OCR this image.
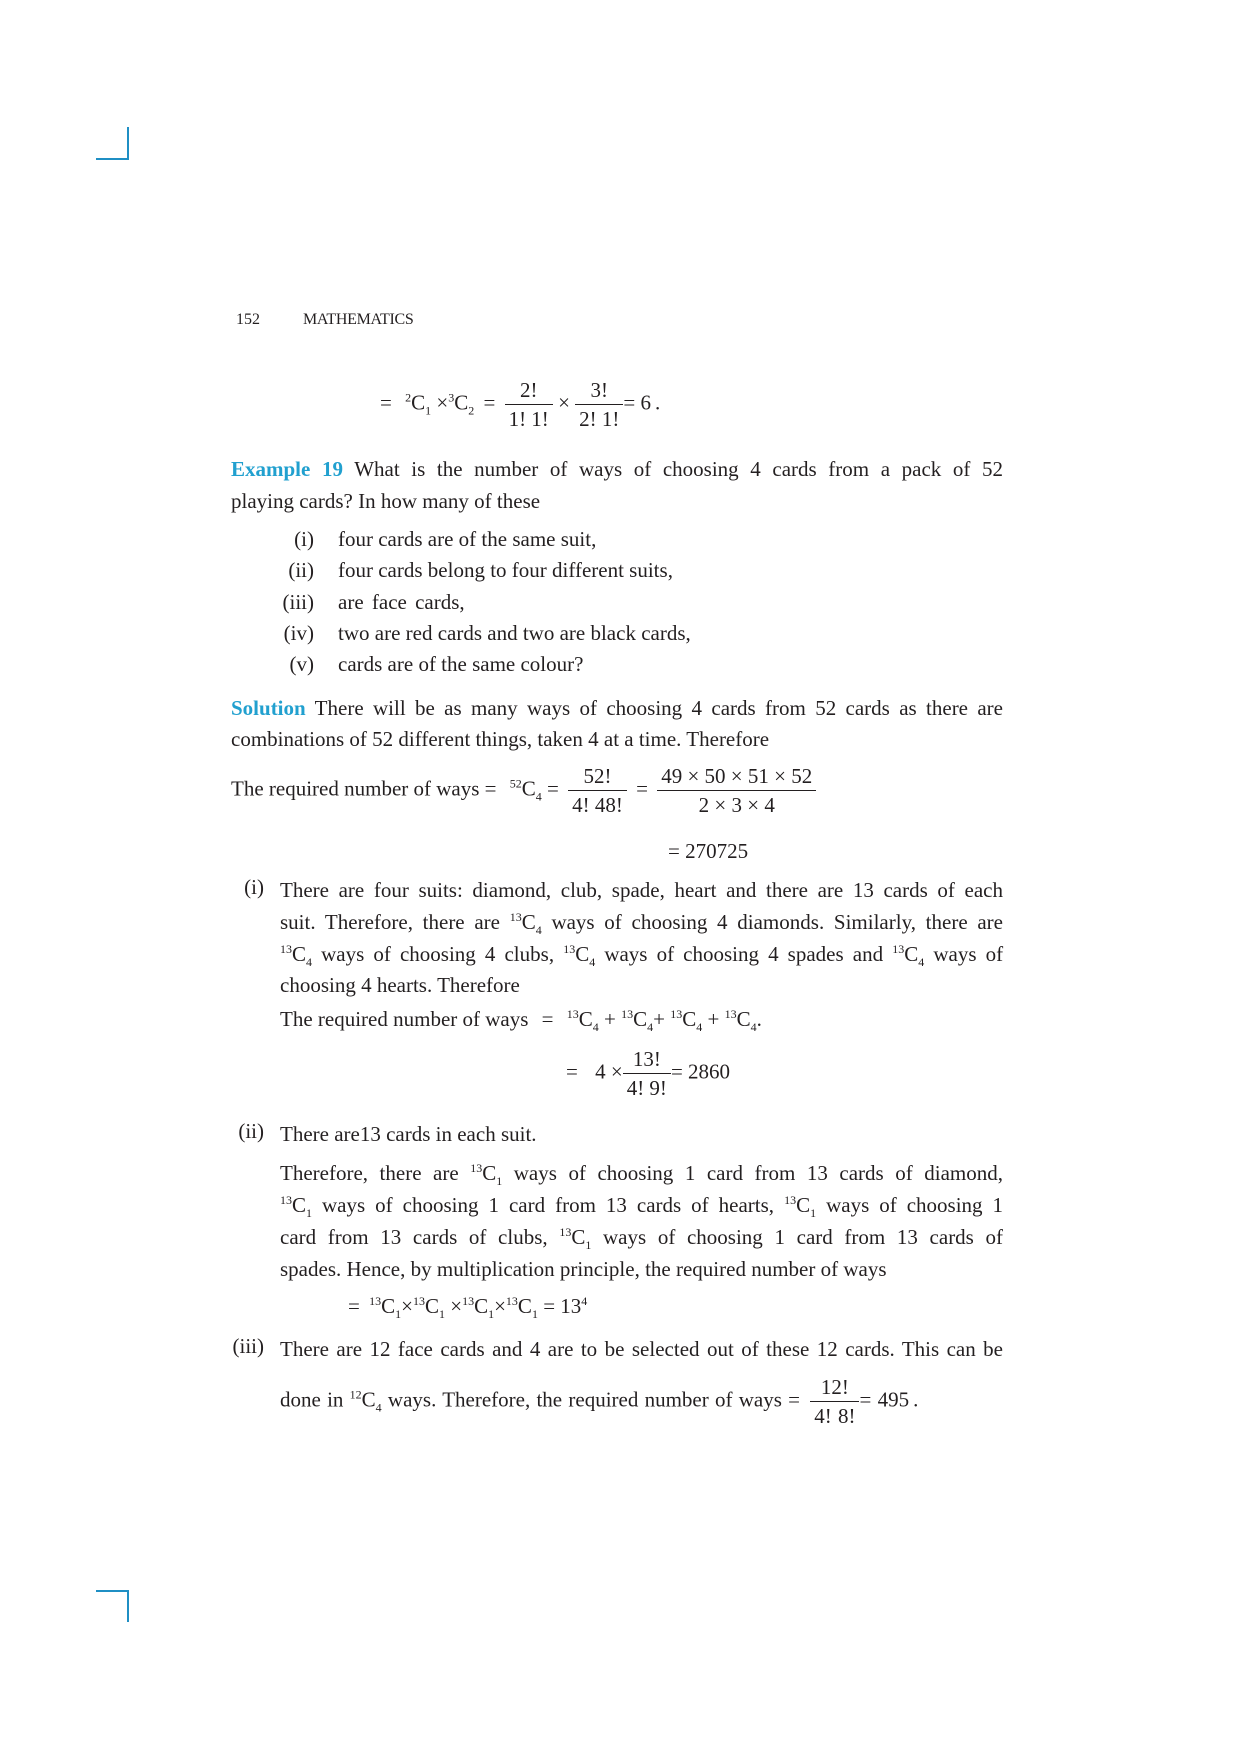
152	MATHEMATICS
= $^2C_1 \times^3C_2 = \frac{2!}{1! 1!} \times \frac{3!}{2! 1!} = 6$ .
Example 19 What is the number of ways of choosing 4 cards from a pack of 52
playing cards? In how many of these
(i) four cards are of the same suit,
(ii) four cards belong to four different suits,
(iii) are face cards,
(iv) two are red cards and two are black cards,
(v) cards are of the same colour?
Solution There will be as many ways of choosing 4 cards from 52 cards as there are
combinations of 52 different things, taken 4 at a time. Therefore
The required number of ways = $^{52}C_4 = \frac{52!}{4! 48!} = \frac{49 \times 50 \times 51 \times 52}{2 \times 3 \times 4}$
= 270725
(i) There are four suits: diamond, club, spade, heart and there are 13 cards of each
suit. Therefore, there are $^{13}C_4$ ways of choosing 4 diamonds. Similarly, there are
$^{13}C_4$ ways of choosing 4 clubs, $^{13}C_4$ ways of choosing 4 spades and $^{13}C_4$ ways of
choosing 4 hearts. Therefore
The required number of ways = $^{13}C_4 + ^{13}C_4+ ^{13}C_4 + ^{13}C_4$.
= $4 \times \frac{13!}{4! 9!} = 2860$
(ii) There are13 cards in each suit.
Therefore, there are $^{13}C_1$ ways of choosing 1 card from 13 cards of diamond,
$^{13}C_1$ ways of choosing 1 card from 13 cards of hearts, $^{13}C_1$ ways of choosing 1
card from 13 cards of clubs, $^{13}C_1$ ways of choosing 1 card from 13 cards of
spades. Hence, by multiplication principle, the required number of ways
= $^{13}C_1\times^{13}C_1 \times^{13}C_1\times^{13}C_1 = 13^4$
(iii) There are 12 face cards and 4 are to be selected out of these 12 cards. This can be
done in $^{12}C_4$ ways. Therefore, the required number of ways = $\frac{12!}{4! 8!} = 495$ .
